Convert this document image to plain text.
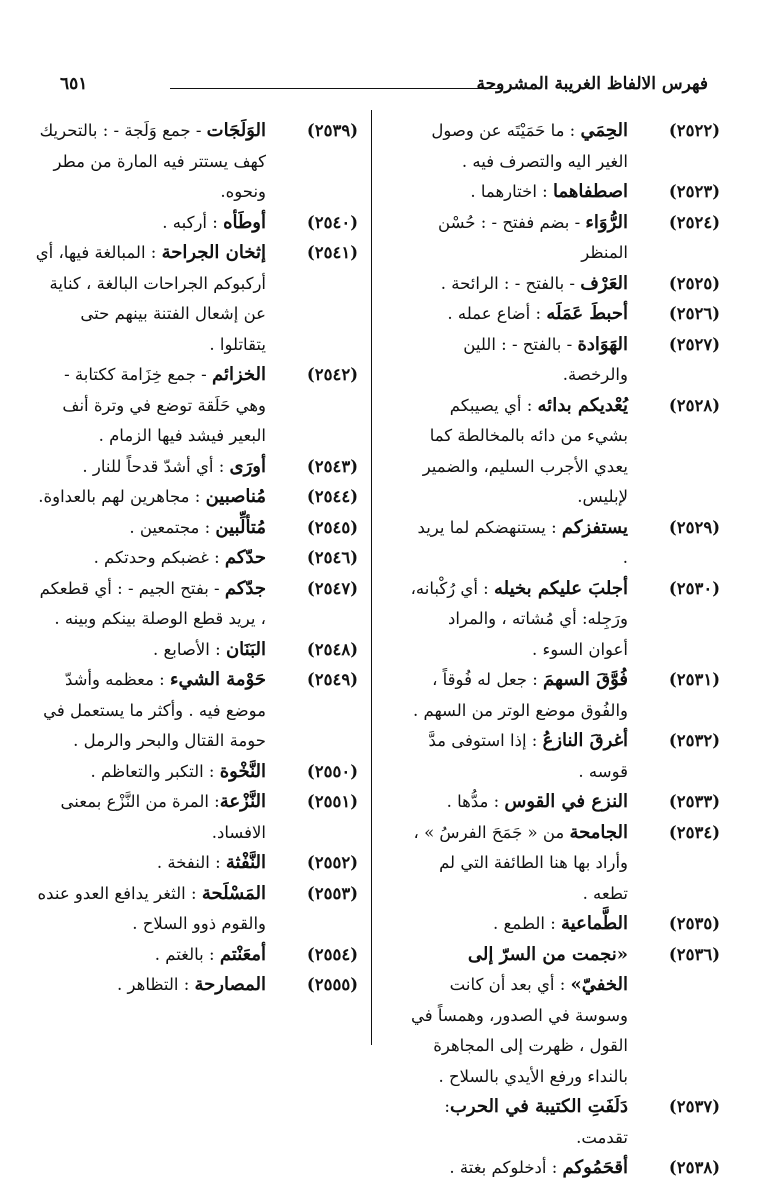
فهرس الالفاظ الغريبة المشروحة
٦٥١
(٢٥٢٢)
الحِمَي : ما حَمَيْتَه عن وصول الغير اليه والتصرف فيه .
(٢٥٢٣)
اصطفاهما : اختارهما .
(٢٥٢٤)
الرُّوَاء - بضم ففتح - : حُسْن المنظر
(٢٥٢٥)
العَرْف - بالفتح - : الرائحة .
(٢٥٢٦)
أحبطَ عَمَلَه : أضاع عمله .
(٢٥٢٧)
الهَوَادة - بالفتح - : اللين والرخصة.
(٢٥٢٨)
يُعْديكم بدائه : أي يصيبكم بشيء من دائه بالمخالطة كما يعدي الأجرب السليم، والضمير لإبليس.
(٢٥٢٩)
يستفزكم : يستنهضكم لما يريد .
(٢٥٣٠)
أجلبَ عليكم بخيله : أي رُكْبانه، ورَجِله: أي مُشاته ، والمراد أعوان السوء .
(٢٥٣١)
فُوَّقَ السهمَ : جعل له فُوقاً ، والفُوق موضع الوتر من السهم .
(٢٥٣٢)
أغرقَ النازعُ : إذا استوفى مدَّ قوسه .
(٢٥٣٣)
النزع في القوس : مدُّها .
(٢٥٣٤)
الجامحة من « جَمَحَ الفرسُ » ، وأراد بها هنا الطائفة التي لم تطعه .
(٢٥٣٥)
الطَّماعية : الطمع .
(٢٥٣٦)
«نجمت من السرّ إلى الخفيّ» : أي بعد أن كانت وسوسة في الصدور، وهمساً في القول ، ظهرت إلى المجاهرة بالنداء ورفع الأيدي بالسلاح .
(٢٥٣٧)
دَلَفَتِ الكتيبة في الحرب: تقدمت.
(٢٥٣٨)
أقحَمُوكم : أدخلوكم بغتة .
(٢٥٣٩)
الوَلَجَات - جمع وَلَجة - : بالتحريك كهف يستتر فيه المارة من مطر ونحوه.
(٢٥٤٠)
أوطَأه : أركبه .
(٢٥٤١)
إثخان الجراحة : المبالغة فيها، أي أركبوكم الجراحات البالغة ، كناية عن إشعال الفتنة بينهم حتى يتقاتلوا .
(٢٥٤٢)
الخزائم - جمع خِزَامة ككتابة - وهي حَلَقة توضع في وترة أنف البعير فيشد فيها الزمام .
(٢٥٤٣)
أورَى : أي أشدّ قدحاً للنار .
(٢٥٤٤)
مُناصبين : مجاهرين لهم بالعداوة.
(٢٥٤٥)
مُتألِّبين : مجتمعين .
(٢٥٤٦)
حدّكم : غضبكم وحدتكم .
(٢٥٤٧)
جدّكم - بفتح الجيم - : أي قطعكم ، يريد قطع الوصلة بينكم وبينه .
(٢٥٤٨)
البَنَان : الأصابع .
(٢٥٤٩)
حَوْمة الشيء : معظمه وأشدّ موضع فيه . وأكثر ما يستعمل في حومة القتال والبحر والرمل .
(٢٥٥٠)
النَّخْوة : التكبر والتعاظم .
(٢٥٥١)
النَّزْعة: المرة من النَّزْع بمعنى الافساد.
(٢٥٥٢)
النَّفْثة : النفخة .
(٢٥٥٣)
المَسْلَحة : الثغر يدافع العدو عنده والقوم ذوو السلاح .
(٢٥٥٤)
أمعَنْتم : بالغتم .
(٢٥٥٥)
المصارحة : التظاهر .
